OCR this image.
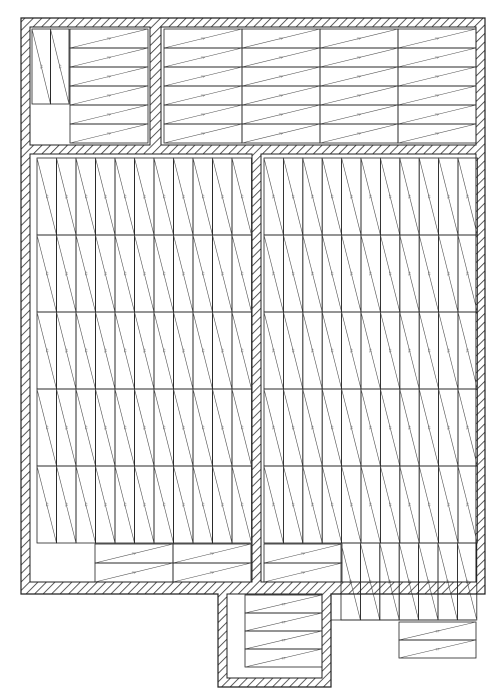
TP	TP
TP
TP
TP
TP
TP
TP
TP	TP	TP	TP
TP	TP	TP	TP
TP	TP	TP	TP
TP	TP	TP	TP
TP	TP	TP	TP
TP	TP	TP	TP
TP	TP	TP	TP	TP	TP	TP	TP	TP	TP	TP
TP	TP	TP	TP	TP	TP	TP	TP	TP	TP	TP
TP	TP	TP	TP	TP	TP	TP	TP	TP	TP	TP
TP	TP	TP	TP	TP	TP	TP	TP	TP	TP	TP
TP	TP	TP	TP	TP	TP	TP	TP	TP	TP	TP
TP	TP
TP	TP
TP	TP	TP	TP	TP	TP	TP	TP	TP	TP	TP
TP	TP	TP	TP	TP	TP	TP	TP	TP	TP	TP
TP	TP	TP	TP	TP	TP	TP	TP	TP	TP	TP
TP	TP	TP	TP	TP	TP	TP	TP	TP	TP	TP
TP	TP	TP	TP	TP	TP	TP	TP	TP	TP	TP
TP
TP
TP	TP	TP	TP	TP	TP	TP
TP
TP
TP
TP
TP
TP
